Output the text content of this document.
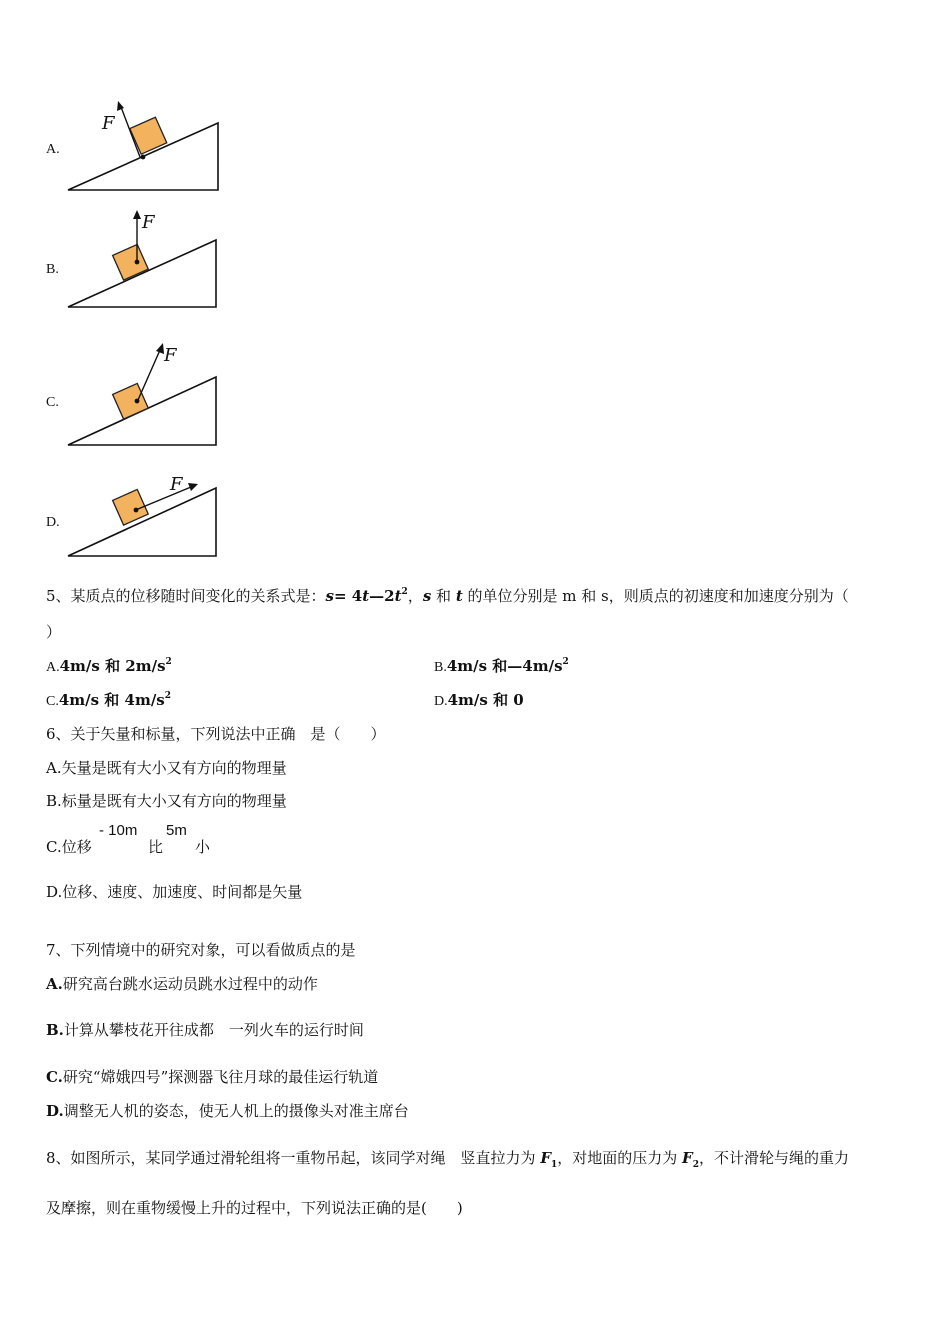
A.
F
B.
F
C.
F
D.
F
5、某质点的位移随时间变化的关系式是：$s= 4t—2t^2$，s 和 t 的单位分别是 m 和 s，则质点的初速度和加速度分别为（
）
A.4m/s 和 $2m/s^2$	B.4m/s 和$—4m/s^2$
C.4m/s 和 $4m/s^2$	D.4m/s 和 0
6、关于矢量和标量，下列说法中正确　是（　　）
A.矢量是既有大小又有方向的物理量
B.标量是既有大小又有方向的物理量
C.位移
- 10m
比
5m
小
D.位移、速度、加速度、时间都是矢量
7、下列情境中的研究对象，可以看做质点的是
A.研究高台跳水运动员跳水过程中的动作
B.计算从攀枝花开往成都　一列火车的运行时间
C.研究“嫦娥四号”探测器飞往月球的最佳运行轨道
D.调整无人机的姿态，使无人机上的摄像头对准主席台
8、如图所示，某同学通过滑轮组将一重物吊起，该同学对绳　竖直拉力为 $F_1$，对地面的压力为 $F_2$，不计滑轮与绳的重力
及摩擦，则在重物缓慢上升的过程中，下列说法正确的是(　　)
